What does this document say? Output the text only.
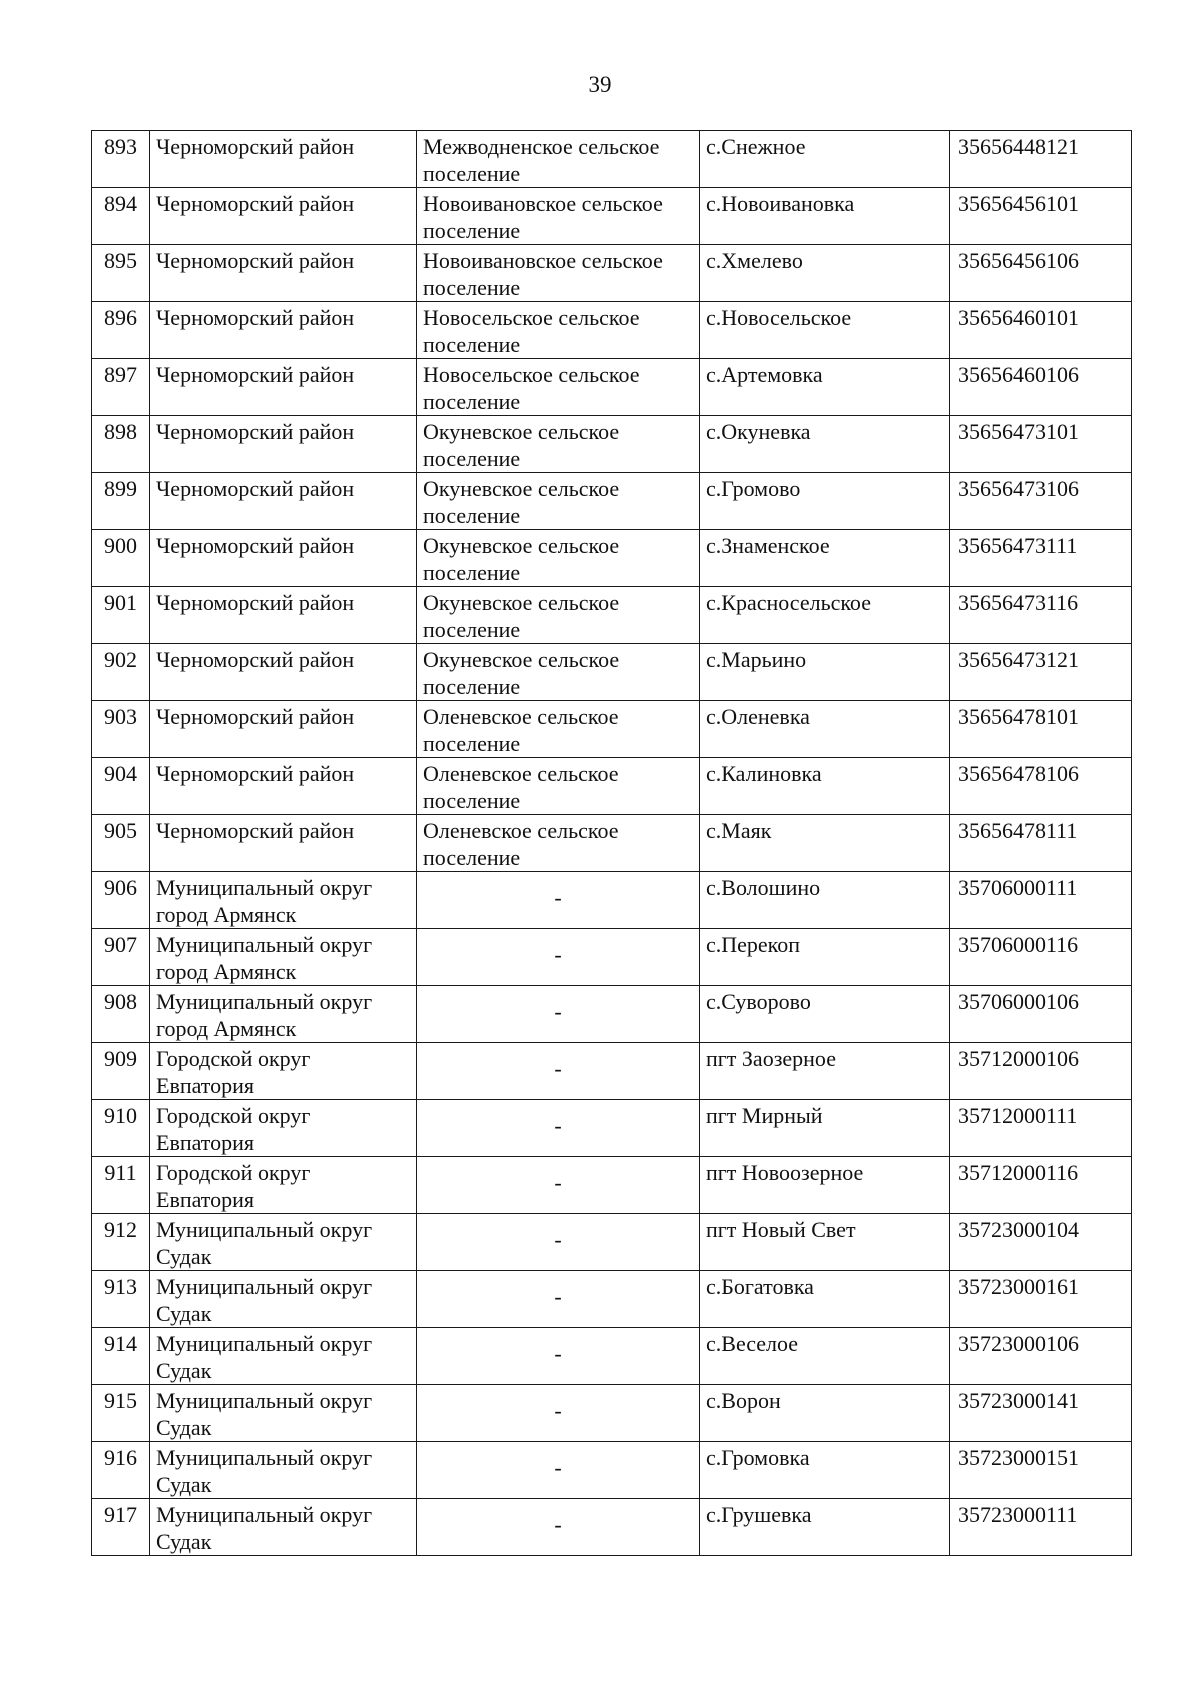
39
893	Черноморский район	Межводненское сельское поселение	с.Снежное	35656448121
894	Черноморский район	Новоивановское сельское поселение	с.Новоивановка	35656456101
895	Черноморский район	Новоивановское сельское поселение	с.Хмелево	35656456106
896	Черноморский район	Новосельское сельское поселение	с.Новосельское	35656460101
897	Черноморский район	Новосельское сельское поселение	с.Артемовка	35656460106
898	Черноморский район	Окуневское сельское поселение	с.Окуневка	35656473101
899	Черноморский район	Окуневское сельское поселение	с.Громово	35656473106
900	Черноморский район	Окуневское сельское поселение	с.Знаменское	35656473111
901	Черноморский район	Окуневское сельское поселение	с.Красносельское	35656473116
902	Черноморский район	Окуневское сельское поселение	с.Марьино	35656473121
903	Черноморский район	Оленевское сельское поселение	с.Оленевка	35656478101
904	Черноморский район	Оленевское сельское поселение	с.Калиновка	35656478106
905	Черноморский район	Оленевское сельское поселение	с.Маяк	35656478111
906	Муниципальный округ город Армянск	-	с.Волошино	35706000111
907	Муниципальный округ город Армянск	-	с.Перекоп	35706000116
908	Муниципальный округ город Армянск	-	с.Суворово	35706000106
909	Городской округ Евпатория	-	пгт Заозерное	35712000106
910	Городской округ Евпатория	-	пгт Мирный	35712000111
911	Городской округ Евпатория	-	пгт Новоозерное	35712000116
912	Муниципальный округ Судак	-	пгт Новый Свет	35723000104
913	Муниципальный округ Судак	-	с.Богатовка	35723000161
914	Муниципальный округ Судак	-	с.Веселое	35723000106
915	Муниципальный округ Судак	-	с.Ворон	35723000141
916	Муниципальный округ Судак	-	с.Громовка	35723000151
917	Муниципальный округ Судак	-	с.Грушевка	35723000111
